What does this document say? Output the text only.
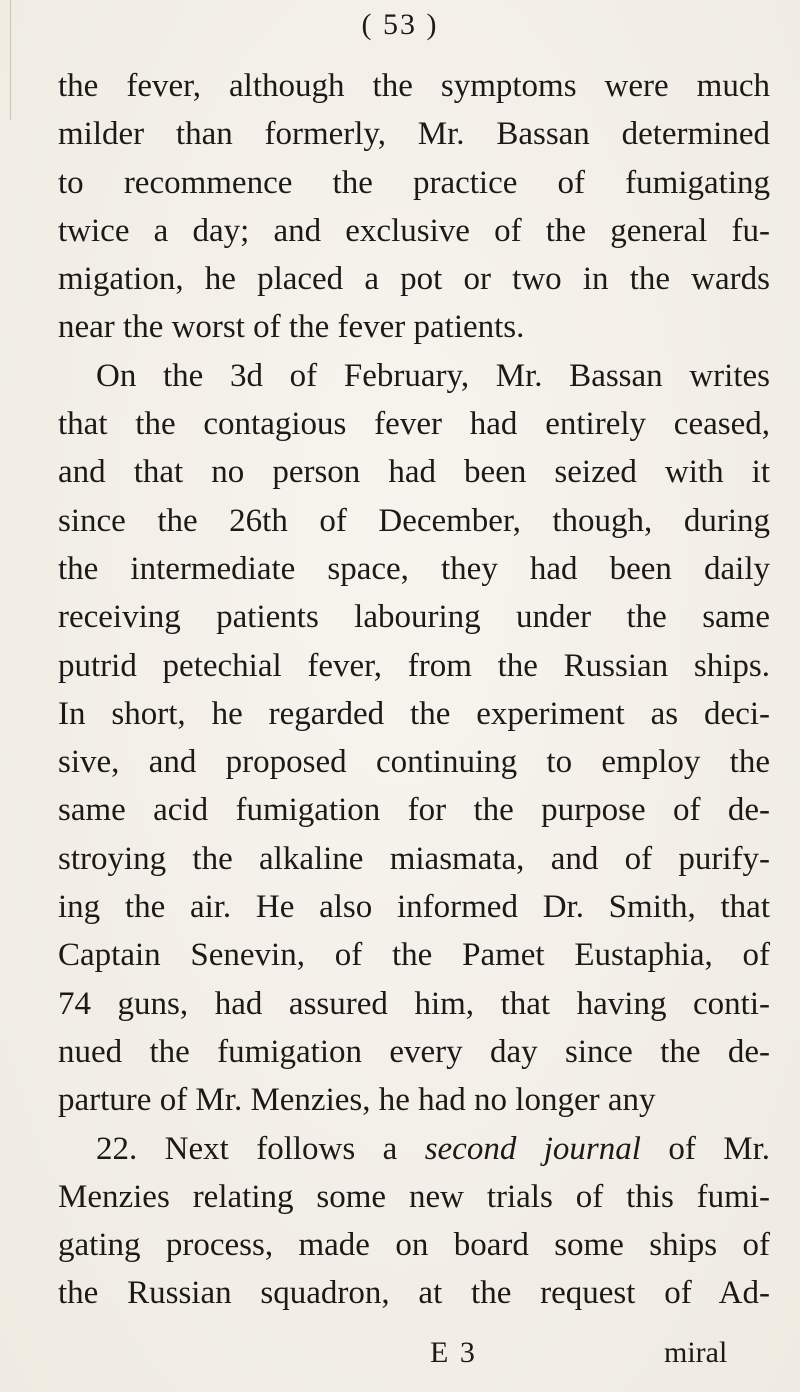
( 53 )
the fever, although the symptoms were much
milder than formerly, Mr. Bassan determined
to recommence the practice of fumigating
twice a day; and exclusive of the general fu-
migation, he placed a pot or two in the wards
near the worst of the fever patients.
On the 3d of February, Mr. Bassan writes
that the contagious fever had entirely ceased,
and that no person had been seized with it
since the 26th of December, though, during
the intermediate space, they had been daily
receiving patients labouring under the same
putrid petechial fever, from the Russian ships.
In short, he regarded the experiment as deci-
sive, and proposed continuing to employ the
same acid fumigation for the purpose of de-
stroying the alkaline miasmata, and of purify-
ing the air. He also informed Dr. Smith, that
Captain Senevin, of the Pamet Eustaphia, of
74 guns, had assured him, that having conti-
nued the fumigation every day since the de-
parture of Mr. Menzies, he had no longer any
22. Next follows a second journal of Mr.
Menzies relating some new trials of this fumi-
gating process, made on board some ships of
the Russian squadron, at the request of Ad-
E 3	miral
